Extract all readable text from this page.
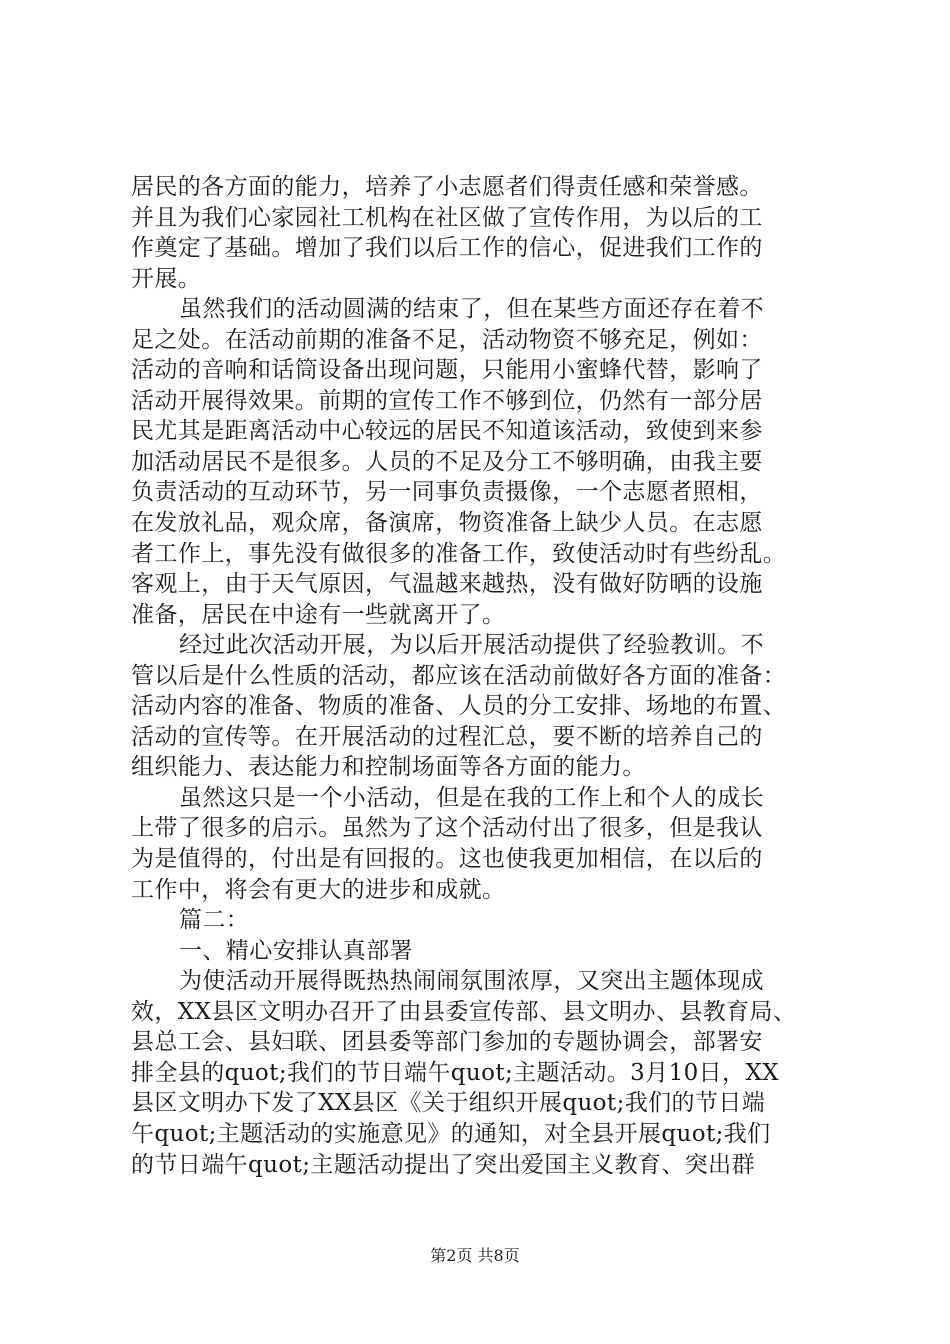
居民的各方面的能力，培养了小志愿者们得责任感和荣誉感。
并且为我们心家园社工机构在社区做了宣传作用，为以后的工
作奠定了基础。增加了我们以后工作的信心，促进我们工作的
开展。
虽然我们的活动圆满的结束了，但在某些方面还存在着不
足之处。在活动前期的准备不足，活动物资不够充足，例如：
活动的音响和话筒设备出现问题，只能用小蜜蜂代替，影响了
活动开展得效果。前期的宣传工作不够到位，仍然有一部分居
民尤其是距离活动中心较远的居民不知道该活动，致使到来参
加活动居民不是很多。人员的不足及分工不够明确，由我主要
负责活动的互动环节，另一同事负责摄像，一个志愿者照相，
在发放礼品，观众席，备演席，物资准备上缺少人员。在志愿
者工作上，事先没有做很多的准备工作，致使活动时有些纷乱。
客观上，由于天气原因，气温越来越热，没有做好防晒的设施
准备，居民在中途有一些就离开了。
经过此次活动开展，为以后开展活动提供了经验教训。不
管以后是什么性质的活动，都应该在活动前做好各方面的准备：
活动内容的准备、物质的准备、人员的分工安排、场地的布置、
活动的宣传等。在开展活动的过程汇总，要不断的培养自己的
组织能力、表达能力和控制场面等各方面的能力。
虽然这只是一个小活动，但是在我的工作上和个人的成长
上带了很多的启示。虽然为了这个活动付出了很多，但是我认
为是值得的，付出是有回报的。这也使我更加相信，在以后的
工作中，将会有更大的进步和成就。
篇二：
一、精心安排认真部署
为使活动开展得既热热闹闹氛围浓厚，又突出主题体现成
效，XX县区文明办召开了由县委宣传部、县文明办、县教育局、
县总工会、县妇联、团县委等部门参加的专题协调会，部署安
排全县的quot;我们的节日端午quot;主题活动。3月10日，XX
县区文明办下发了XX县区《关于组织开展quot;我们的节日端
午quot;主题活动的实施意见》的通知，对全县开展quot;我们
的节日端午quot;主题活动提出了突出爱国主义教育、突出群
第2页 共8页
